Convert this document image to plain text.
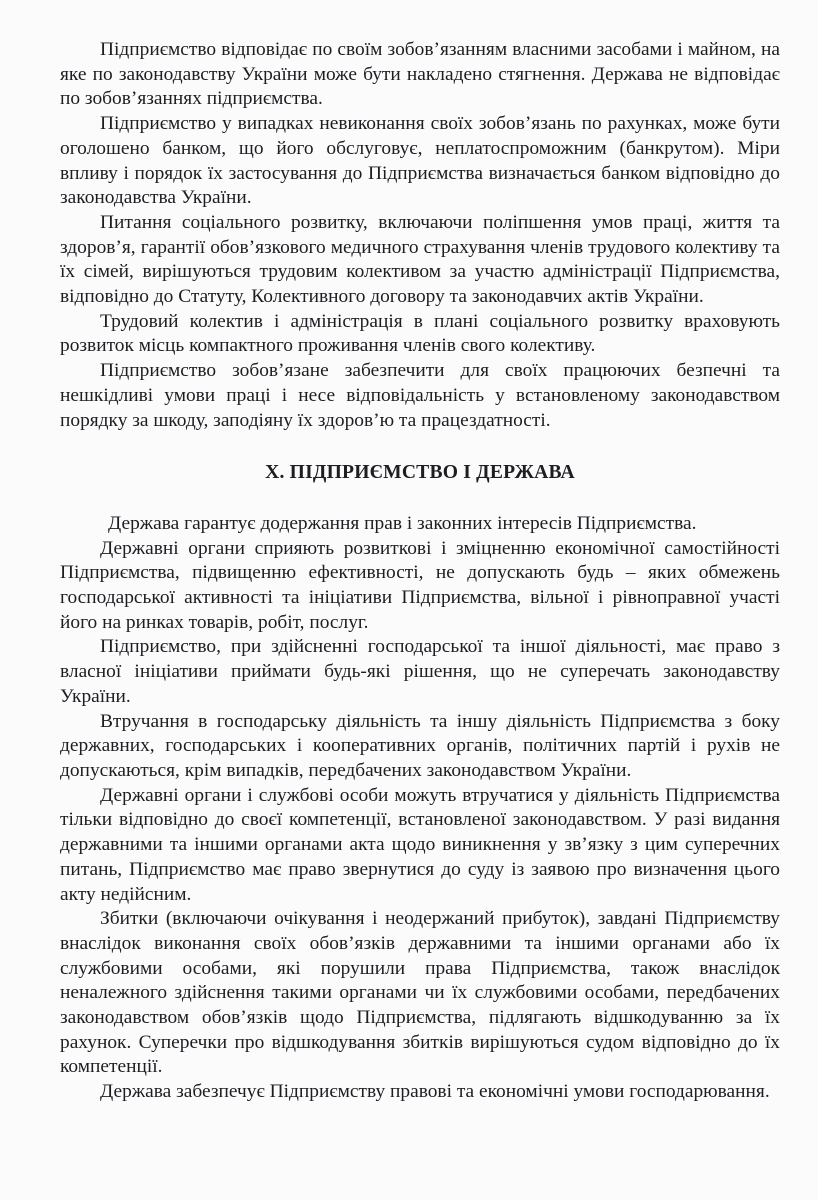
Підприємство відповідає по своїм зобов’язанням власними засобами і майном, на яке по законодавству України може бути накладено стягнення. Держава не відповідає по зобов’язаннях підприємства.

Підприємство у випадках невиконання своїх зобов’язань по рахунках, може бути оголошено банком, що його обслуговує, неплатоспроможним (банкрутом). Міри впливу і порядок їх застосування до Підприємства визначається банком відповідно до законодавства України.

Питання соціального розвитку, включаючи поліпшення умов праці, життя та здоров’я, гарантії обов’язкового медичного страхування членів трудового колективу та їх сімей, вирішуються трудовим колективом за участю адміністрації Підприємства, відповідно до Статуту, Колективного договору та законодавчих актів України.

Трудовий колектив і адміністрація в плані соціального розвитку враховують розвиток місць компактного проживання членів свого колективу.

Підприємство зобов’язане забезпечити для своїх працюючих безпечні та нешкідливі умови праці і несе відповідальність у встановленому законодавством порядку за шкоду, заподіяну їх здоров’ю та працездатності.

X. ПІДПРИЄМСТВО І ДЕРЖАВА

Держава гарантує додержання прав і законних інтересів Підприємства.

Державні органи сприяють розвиткові і зміцненню економічної самостійності Підприємства, підвищенню ефективності, не допускають будь – яких обмежень господарської активності та ініціативи Підприємства, вільної і рівноправної участі його на ринках товарів, робіт, послуг.

Підприємство, при здійсненні господарської та іншої діяльності, має право з власної ініціативи приймати будь-які рішення, що не суперечать законодавству України.

Втручання в господарську діяльність та іншу діяльність Підприємства з боку державних, господарських і кооперативних органів, політичних партій і рухів не допускаються, крім випадків, передбачених законодавством України.

Державні органи і службові особи можуть втручатися у діяльність Підприємства тільки відповідно до своєї компетенції, встановленої законодавством. У разі видання державними та іншими органами акта щодо виникнення у зв’язку з цим суперечних питань, Підприємство має право звернутися до суду із заявою про визначення цього акту недійсним.

Збитки (включаючи очікування і неодержаний прибуток), завдані Підприємству внаслідок виконання своїх обов’язків державними та іншими органами або їх службовими особами, які порушили права Підприємства, також внаслідок неналежного здійснення такими органами чи їх службовими особами, передбачених законодавством обов’язків щодо Підприємства, підлягають відшкодуванню за їх рахунок. Суперечки про відшкодування збитків вирішуються судом відповідно до їх компетенції.

Держава забезпечує Підприємству правові та економічні умови господарювання.
